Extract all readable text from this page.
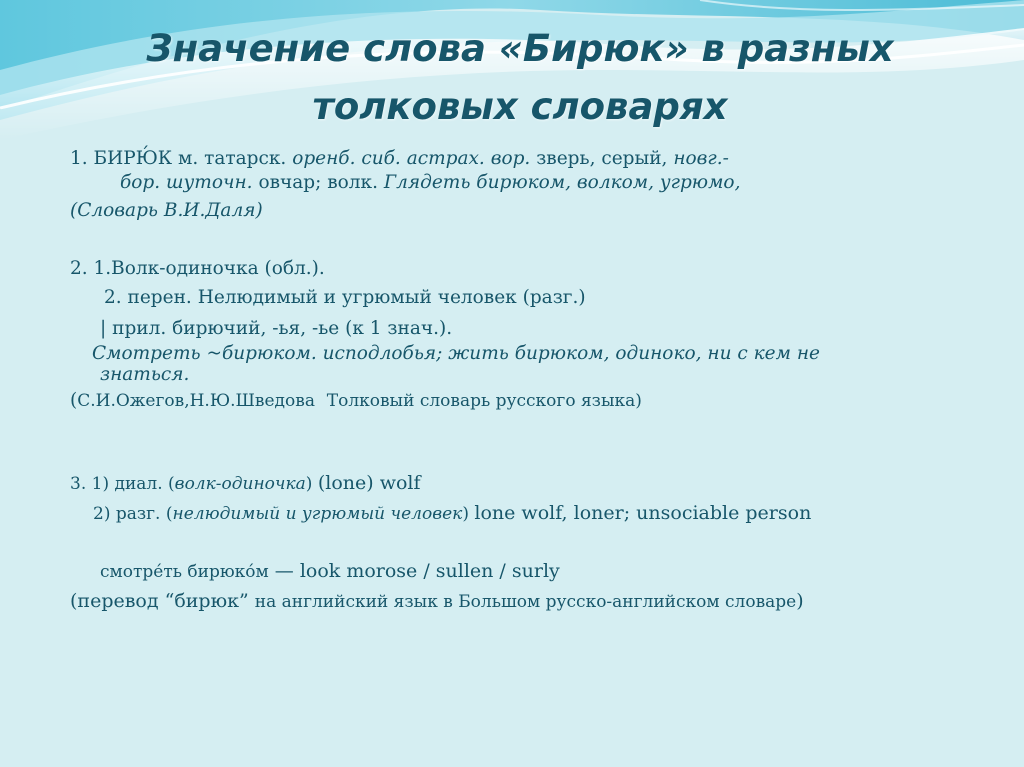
Значение слова «Бирюк» в разных
толковых словарях
1. БИРЮ́К м. татарск. оренб. сиб. астрах. вор. зверь, серый, новг.-
бор. шуточн. овчар; волк. Глядеть бирюком, волком, угрюмо,
(Словарь В.И.Даля)
2. 1.Волк-одиночка (обл.).
2. перен. Нелюдимый и угрюмый человек (разг.)
| прил. бирючий, -ья, -ье (к 1 знач.).
Смотреть ~бирюком. исподлобья; жить бирюком, одиноко, ни с кем не
знаться.
(С.И.Ожегов,Н.Ю.Шведова Толковый словарь русского языка)
3. 1) диал. (волк-одиночка) (lone) wolf
2) разг. (нелюдимый и угрюмый человек) lone wolf, loner; unsociable person
смотре́ть бирюко́м — look morose / sullen / surly
(перевод “бирюк” на английский язык в Большом русско-английском словаре)
